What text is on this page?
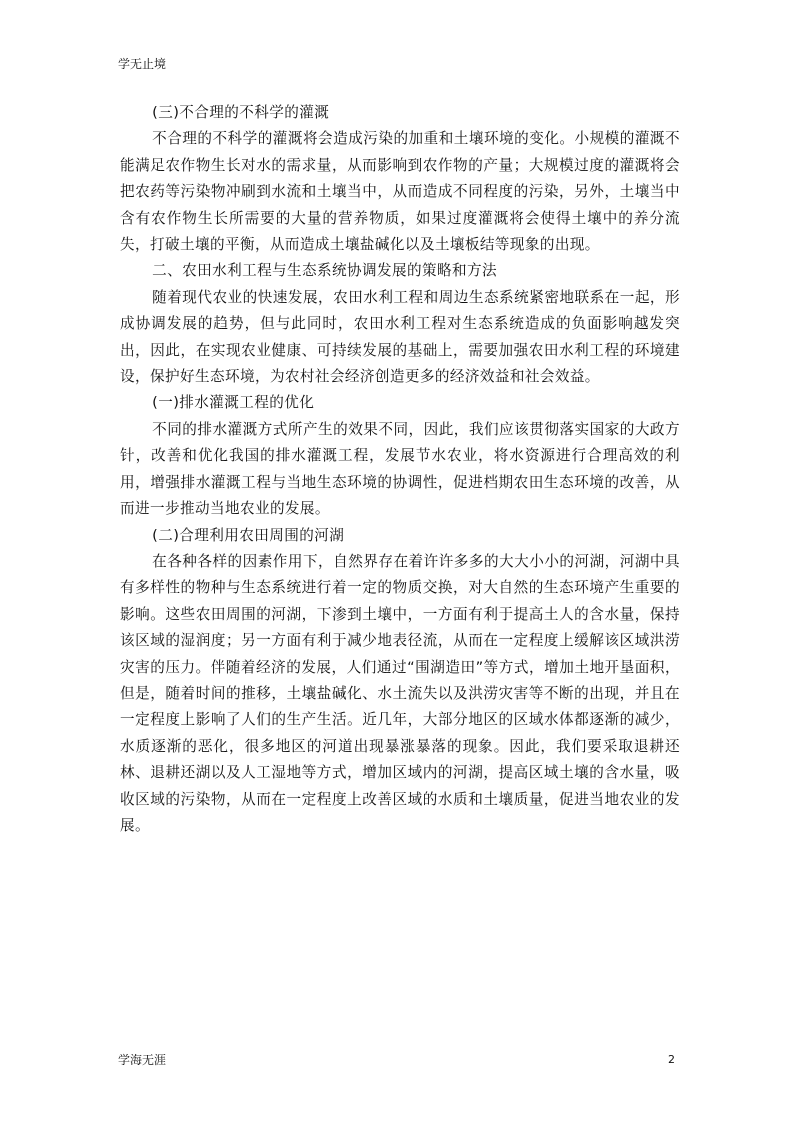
学无止境

(三)不合理的不科学的灌溉

不合理的不科学的灌溉将会造成污染的加重和土壤环境的变化。小规模的灌溉不能满足农作物生长对水的需求量，从而影响到农作物的产量；大规模过度的灌溉将会把农药等污染物冲刷到水流和土壤当中，从而造成不同程度的污染，另外，土壤当中含有农作物生长所需要的大量的营养物质，如果过度灌溉将会使得土壤中的养分流失，打破土壤的平衡，从而造成土壤盐碱化以及土壤板结等现象的出现。

二、农田水利工程与生态系统协调发展的策略和方法

随着现代农业的快速发展，农田水利工程和周边生态系统紧密地联系在一起，形成协调发展的趋势，但与此同时，农田水利工程对生态系统造成的负面影响越发突出，因此，在实现农业健康、可持续发展的基础上，需要加强农田水利工程的环境建设，保护好生态环境，为农村社会经济创造更多的经济效益和社会效益。

(一)排水灌溉工程的优化

不同的排水灌溉方式所产生的效果不同，因此，我们应该贯彻落实国家的大政方针，改善和优化我国的排水灌溉工程，发展节水农业，将水资源进行合理高效的利用，增强排水灌溉工程与当地生态环境的协调性，促进档期农田生态环境的改善，从而进一步推动当地农业的发展。

(二)合理利用农田周围的河湖

在各种各样的因素作用下，自然界存在着许许多多的大大小小的河湖，河湖中具有多样性的物种与生态系统进行着一定的物质交换，对大自然的生态环境产生重要的影响。这些农田周围的河湖，下渗到土壤中，一方面有利于提高土人的含水量，保持该区域的湿润度；另一方面有利于减少地表径流，从而在一定程度上缓解该区域洪涝灾害的压力。伴随着经济的发展，人们通过“围湖造田”等方式，增加土地开垦面积，但是，随着时间的推移，土壤盐碱化、水土流失以及洪涝灾害等不断的出现，并且在一定程度上影响了人们的生产生活。近几年，大部分地区的区域水体都逐渐的减少，水质逐渐的恶化，很多地区的河道出现暴涨暴落的现象。因此，我们要采取退耕还林、退耕还湖以及人工湿地等方式，增加区域内的河湖，提高区域土壤的含水量，吸收区域的污染物，从而在一定程度上改善区域的水质和土壤质量，促进当地农业的发展。

学海无涯	2
